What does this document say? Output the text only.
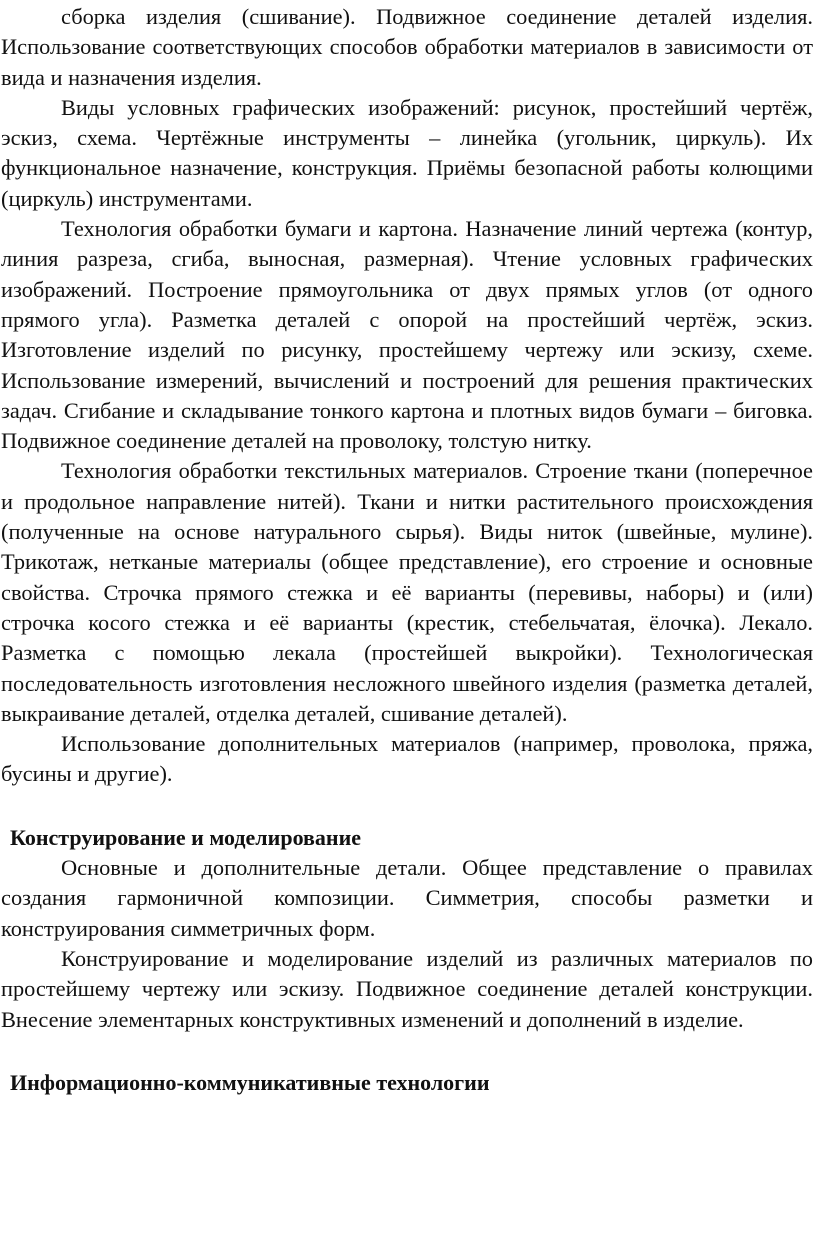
сборка изделия (сшивание). Подвижное соединение деталей изделия. Использование соответствующих способов обработки материалов в зависимости от вида и назначения изделия.

Виды условных графических изображений: рисунок, простейший чертёж, эскиз, схема. Чертёжные инструменты – линейка (угольник, циркуль). Их функциональное назначение, конструкция. Приёмы безопасной работы колющими (циркуль) инструментами.

Технология обработки бумаги и картона. Назначение линий чертежа (контур, линия разреза, сгиба, выносная, размерная). Чтение условных графических изображений. Построение прямоугольника от двух прямых углов (от одного прямого угла). Разметка деталей с опорой на простейший чертёж, эскиз. Изготовление изделий по рисунку, простейшему чертежу или эскизу, схеме. Использование измерений, вычислений и построений для решения практических задач. Сгибание и складывание тонкого картона и плотных видов бумаги – биговка. Подвижное соединение деталей на проволоку, толстую нитку.

Технология обработки текстильных материалов. Строение ткани (поперечное и продольное направление нитей). Ткани и нитки растительного происхождения (полученные на основе натурального сырья). Виды ниток (швейные, мулине). Трикотаж, нетканые материалы (общее представление), его строение и основные свойства. Строчка прямого стежка и её варианты (перевивы, наборы) и (или) строчка косого стежка и её варианты (крестик, стебельчатая, ёлочка). Лекало. Разметка с помощью лекала (простейшей выкройки). Технологическая последовательность изготовления несложного швейного изделия (разметка деталей, выкраивание деталей, отделка деталей, сшивание деталей).

Использование дополнительных материалов (например, проволока, пряжа, бусины и другие).

Конструирование и моделирование

Основные и дополнительные детали. Общее представление о правилах создания гармоничной композиции. Симметрия, способы разметки и конструирования симметричных форм.

Конструирование и моделирование изделий из различных материалов по простейшему чертежу или эскизу. Подвижное соединение деталей конструкции. Внесение элементарных конструктивных изменений и дополнений в изделие.

Информационно-коммуникативные технологии
